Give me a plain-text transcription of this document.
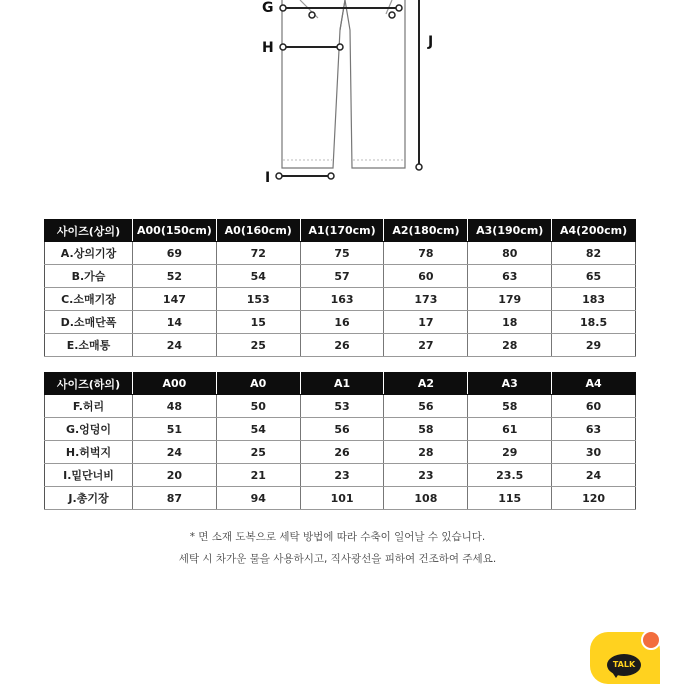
G
H
I
J
사이즈(상의)	A00(150cm)	A0(160cm)	A1(170cm)	A2(180cm)	A3(190cm)	A4(200cm)
A.상의기장	69	72	75	78	80	82
B.가슴	52	54	57	60	63	65
C.소매기장	147	153	163	173	179	183
D.소매단폭	14	15	16	17	18	18.5
E.소매통	24	25	26	27	28	29
사이즈(하의)	A00	A0	A1	A2	A3	A4
F.허리	48	50	53	56	58	60
G.엉덩이	51	54	56	58	61	63
H.허벅지	24	25	26	28	29	30
I.밑단너비	20	21	23	23	23.5	24
J.총기장	87	94	101	108	115	120
* 면 소재 도복으로 세탁 방법에 따라 수축이 일어날 수 있습니다.
세탁 시 차가운 물을 사용하시고, 직사광선을 피하여 건조하여 주세요.
TALK
